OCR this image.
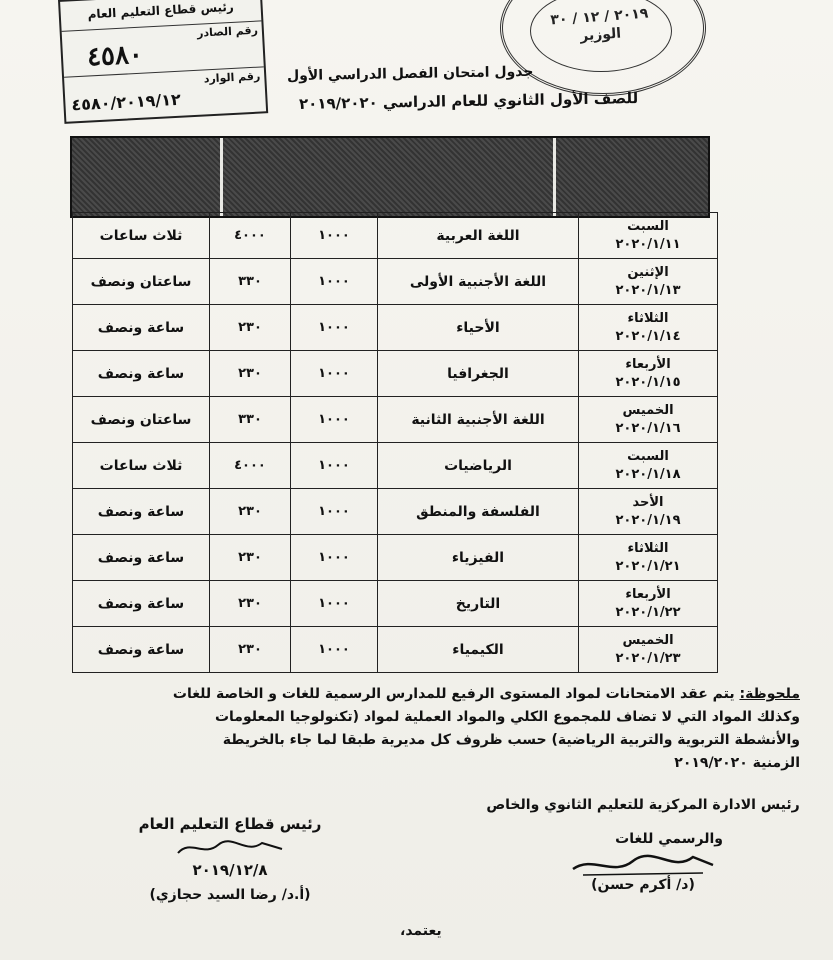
رئيس قطاع التعليم العام
رقم الصادر
٤٥٨٠
رقم الوارد
٤٥٨٠/٢٠١٩/١٢
٢٠١٩ / ١٢ / ٣٠
الوزير
جدول امتحان الفصل الدراسي الأول
للصف الأول الثانوي للعام الدراسي ٢٠١٩/٢٠٢٠
السبت
٢٠٢٠/١/١١	اللغة العربية	١٠٠٠	٤٠٠٠	ثلاث ساعات

الإثنين
٢٠٢٠/١/١٣	اللغة الأجنبية الأولى	١٠٠٠	٣٣٠	ساعتان ونصف

الثلاثاء
٢٠٢٠/١/١٤	الأحياء	١٠٠٠	٢٣٠	ساعة ونصف

الأربعاء
٢٠٢٠/١/١٥	الجغرافيا	١٠٠٠	٢٣٠	ساعة ونصف

الخميس
٢٠٢٠/١/١٦	اللغة الأجنبية الثانية	١٠٠٠	٣٣٠	ساعتان ونصف

السبت
٢٠٢٠/١/١٨	الرياضيات	١٠٠٠	٤٠٠٠	ثلاث ساعات

الأحد
٢٠٢٠/١/١٩	الفلسفة والمنطق	١٠٠٠	٢٣٠	ساعة ونصف

الثلاثاء
٢٠٢٠/١/٢١	الفيزياء	١٠٠٠	٢٣٠	ساعة ونصف

الأربعاء
٢٠٢٠/١/٢٢	التاريخ	١٠٠٠	٢٣٠	ساعة ونصف

الخميس
٢٠٢٠/١/٢٣	الكيمياء	١٠٠٠	٢٣٠	ساعة ونصف
ملحوظة: يتم عقد الامتحانات لمواد المستوى الرفيع للمدارس الرسمية للغات و الخاصة للغات
وكذلك المواد التي لا تضاف للمجموع الكلي والمواد العملية لمواد (تكنولوجيا المعلومات
والأنشطة التربوية والتربية الرياضية) حسب ظروف كل مديرية طبقا لما جاء بالخريطة
الزمنية ٢٠١٩/٢٠٢٠
رئيس الادارة المركزية للتعليم الثانوي والخاص
والرسمي للغات
(د/ أكرم حسن)
رئيس قطاع التعليم العام
٢٠١٩/١٢/٨
(أ.د/ رضا السيد حجازي)
يعتمد،
